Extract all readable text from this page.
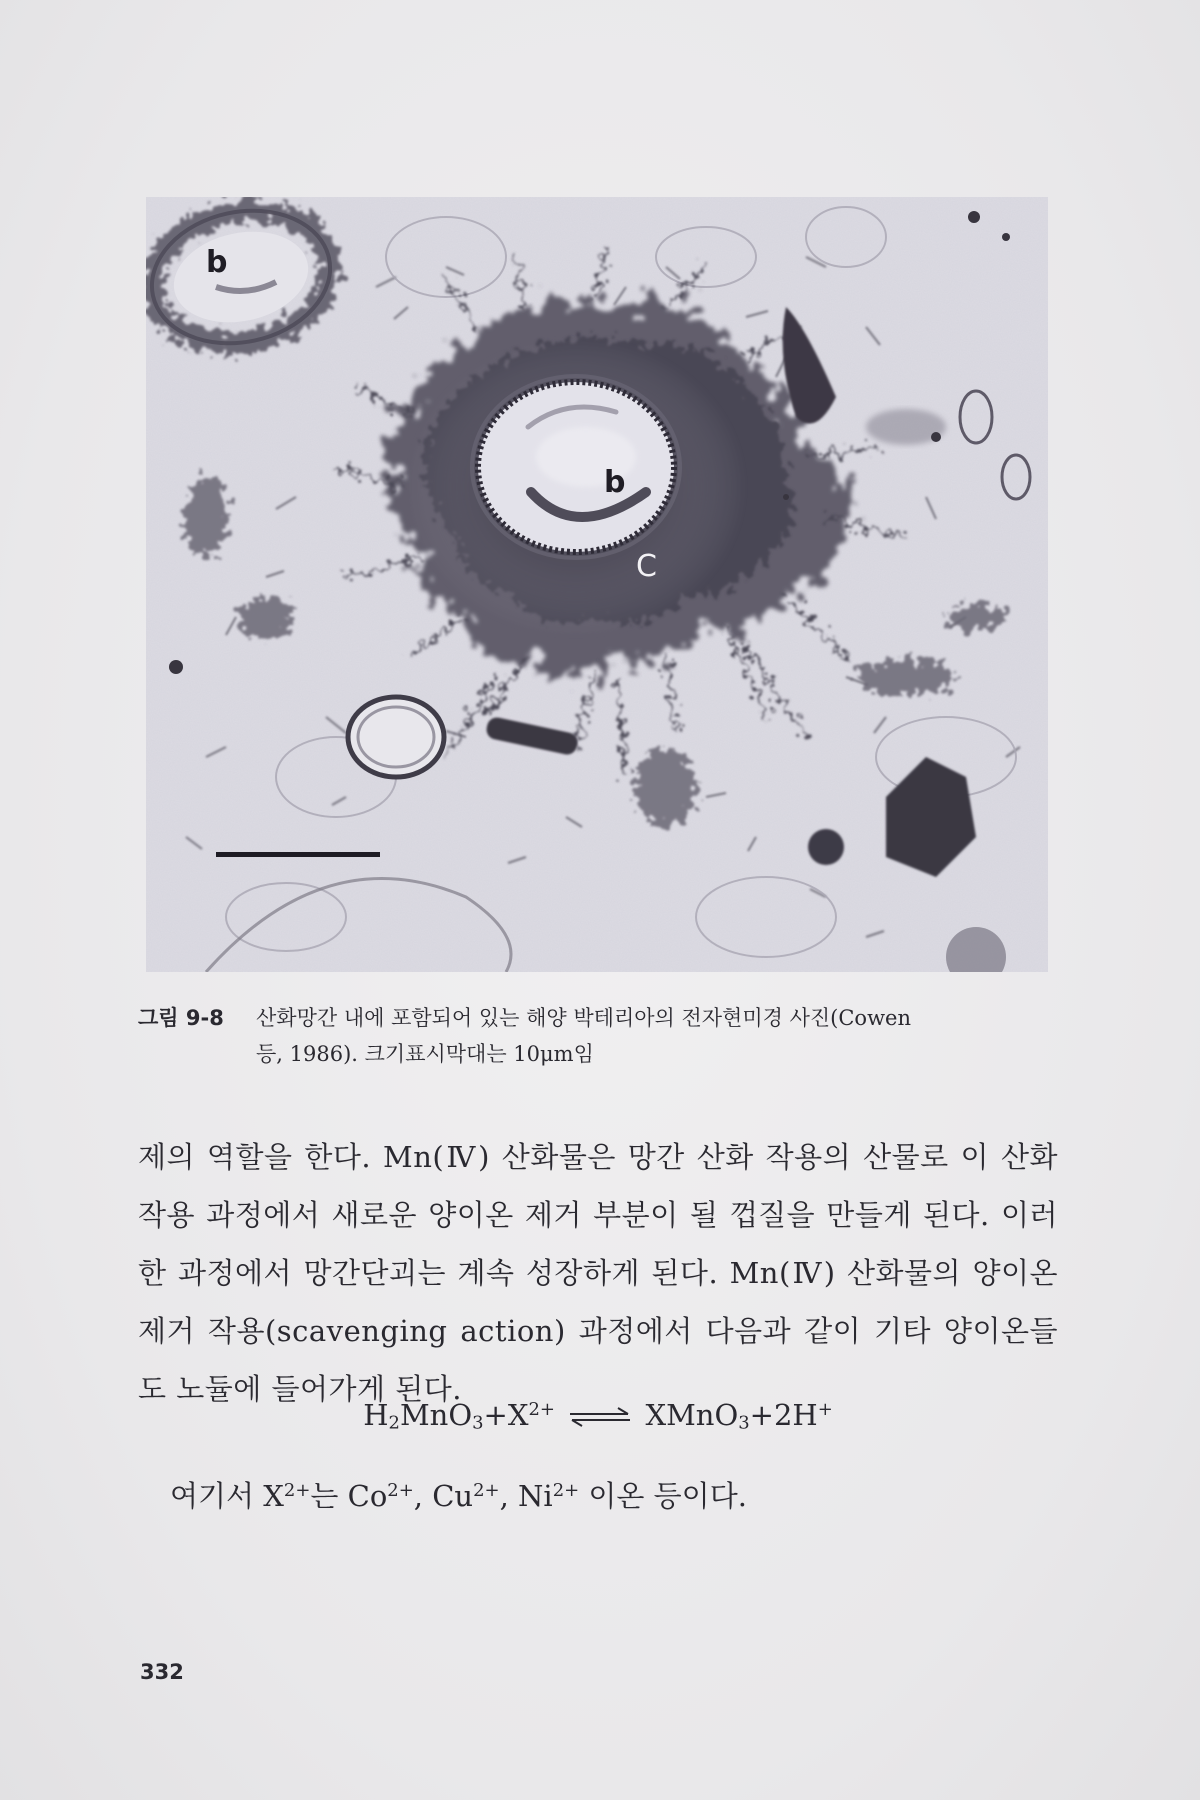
b
b
C
그림 9-8 산화망간 내에 포함되어 있는 해양 박테리아의 전자현미경 사진(Cowen
등, 1986). 크기표시막대는 10μm임
제의 역할을 한다. Mn(Ⅳ) 산화물은 망간 산화 작용의 산물로 이 산화 작용 과정에서 새로운 양이온 제거 부분이 될 껍질을 만들게 된다. 이러한 과정에서 망간단괴는 계속 성장하게 된다. Mn(Ⅳ) 산화물의 양이온 제거 작용(scavenging action) 과정에서 다음과 같이 기타 양이온들도 노듈에 들어가게 된다.
$H_2MnO_3+X^{2+}$ ⇌ XMnO$_3$+2H+
여기서 $X^{2+}$는 $Co^{2+}$, $Cu^{2+}$, $Ni^{2+}$ 이온 등이다.
332
